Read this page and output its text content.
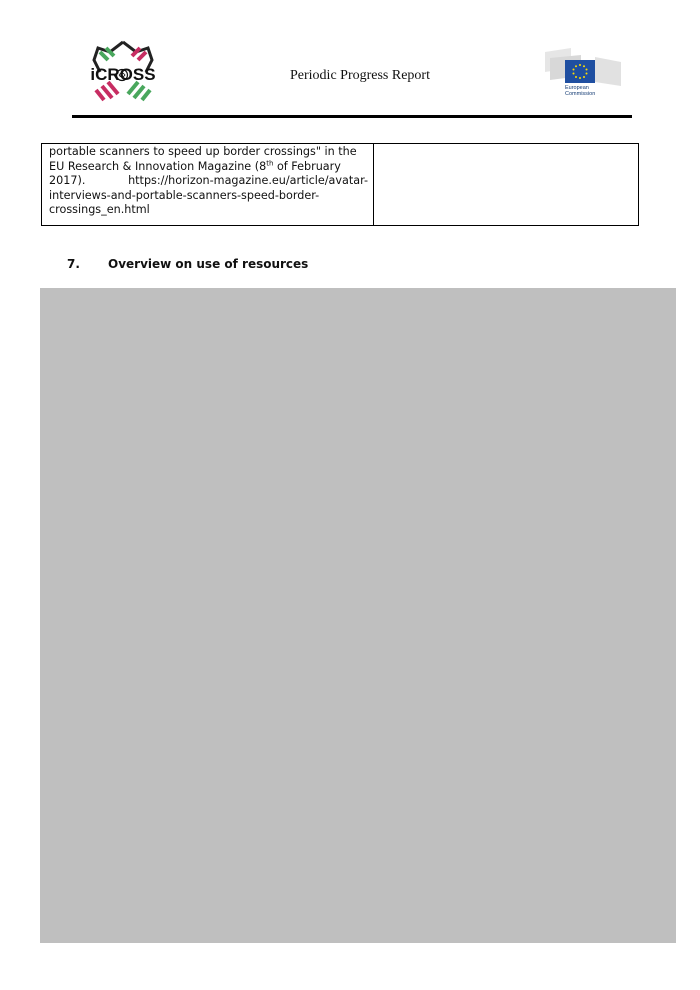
iCROSS	Periodic Progress Report
European
Commission
portable scanners to speed up border crossings" in the
EU Research & Innovation Magazine (8th of February
2017).	https://horizon-magazine.eu/article/avatar-
interviews-and-portable-scanners-speed-border-
crossings_en.html
7.	Overview on use of resources
